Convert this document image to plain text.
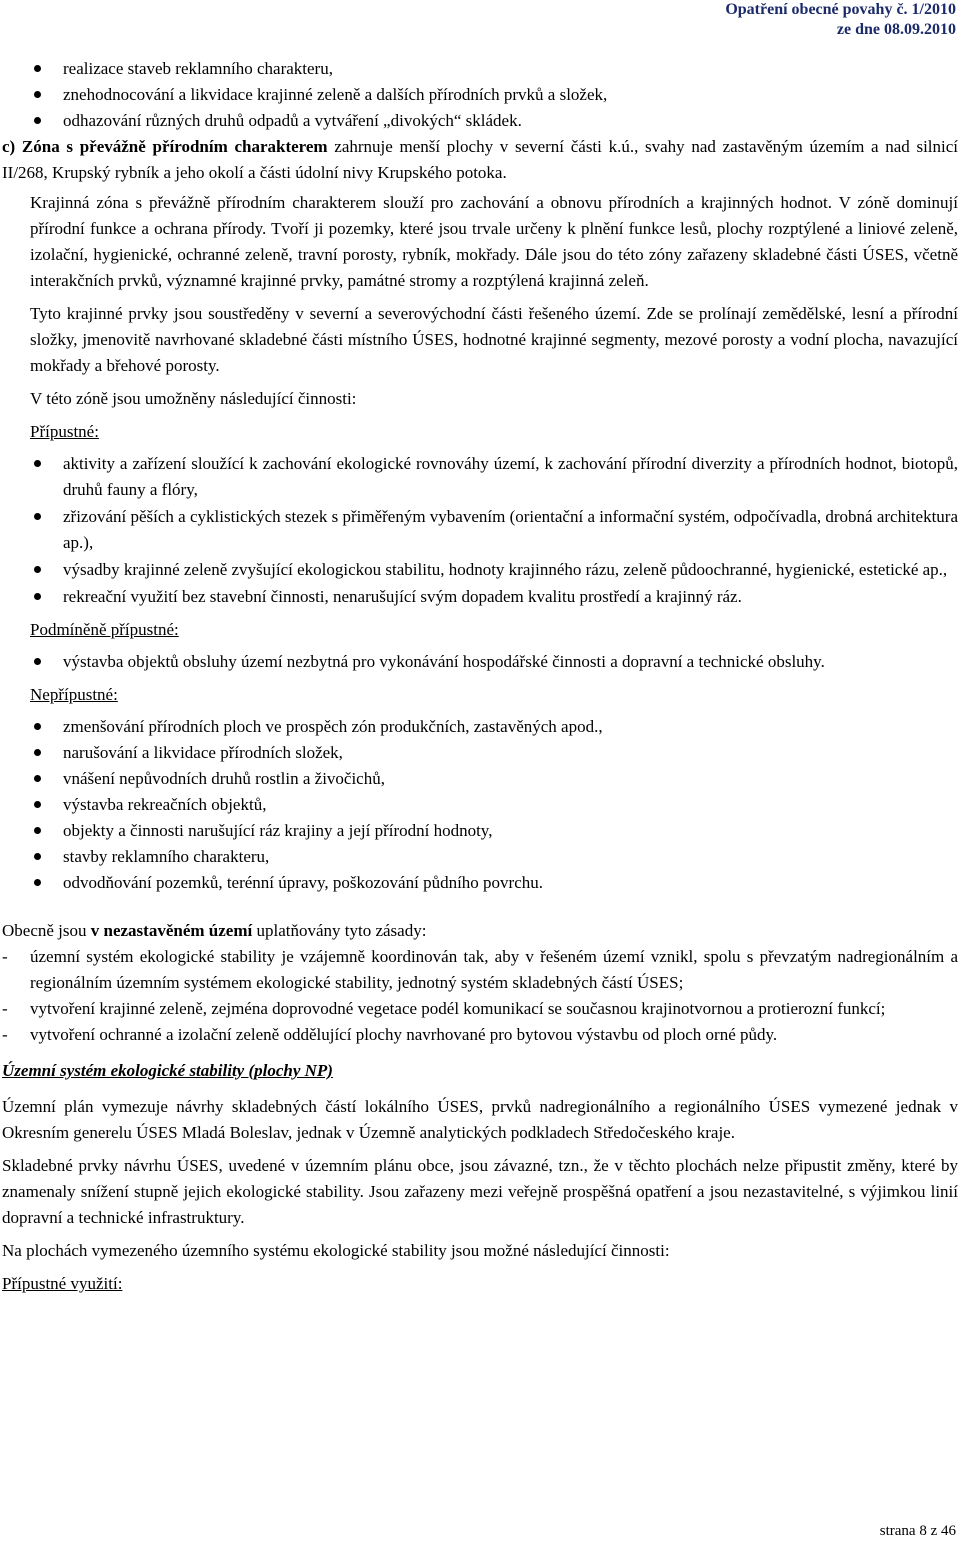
Opatření obecné povahy č. 1/2010
ze dne 08.09.2010
realizace staveb reklamního charakteru,
znehodnocování a likvidace krajinné zeleně a dalších přírodních prvků a složek,
odhazování různých druhů odpadů a vytváření „divokých“ skládek.

c) Zóna s převážně přírodním charakterem zahrnuje menší plochy v severní části k.ú., svahy nad zastavěným územím a nad silnicí II/268, Krupský rybník a jeho okolí a části údolní nivy Krupského potoka.

Krajinná zóna s převážně přírodním charakterem slouží pro zachování a obnovu přírodních a krajinných hodnot. V zóně dominují přírodní funkce a ochrana přírody. Tvoří ji pozemky, které jsou trvale určeny k plnění funkce lesů, plochy rozptýlené a liniové zeleně, izolační, hygienické, ochranné zeleně, travní porosty, rybník, mokřady. Dále jsou do této zóny zařazeny skladebné části ÚSES, včetně interakčních prvků, významné krajinné prvky, památné stromy a rozptýlená krajinná zeleň.

Tyto krajinné prvky jsou soustředěny v severní a severovýchodní části řešeného území. Zde se prolínají zemědělské, lesní a přírodní složky, jmenovitě navrhované skladebné části místního ÚSES, hodnotné krajinné segmenty, mezové porosty a vodní plocha, navazující mokřady a břehové porosty.

V této zóně jsou umožněny následující činnosti:

Přípustné:
aktivity a zařízení sloužící k zachování ekologické rovnováhy území, k zachování přírodní diverzity a přírodních hodnot, biotopů, druhů fauny a flóry,
zřizování pěších a cyklistických stezek s přiměřeným vybavením (orientační a informační systém, odpočívadla, drobná architektura ap.),
výsadby krajinné zeleně zvyšující ekologickou stabilitu, hodnoty krajinného rázu, zeleně půdoochranné, hygienické, estetické ap.,
rekreační využití bez stavební činnosti, nenarušující svým dopadem kvalitu prostředí a krajinný ráz.
Podmíněně přípustné:
výstavba objektů obsluhy území nezbytná pro vykonávání hospodářské činnosti a dopravní a technické obsluhy.
Nepřípustné:
zmenšování přírodních ploch ve prospěch zón produkčních, zastavěných apod.,
narušování a likvidace přírodních složek,
vnášení nepůvodních druhů rostlin a živočichů,
výstavba rekreačních objektů,
objekty a činnosti narušující ráz krajiny a její přírodní hodnoty,
stavby reklamního charakteru,
odvodňování pozemků, terénní úpravy, poškozování půdního povrchu.

Obecně jsou v nezastavěném území uplatňovány tyto zásady:

- územní systém ekologické stability je vzájemně koordinován tak, aby v řešeném území vznikl, spolu s převzatým nadregionálním a regionálním územním systémem ekologické stability, jednotný systém skladebných částí ÚSES;
- vytvoření krajinné zeleně, zejména doprovodné vegetace podél komunikací se současnou krajinotvornou a protierozní funkcí;
- vytvoření ochranné a izolační zeleně oddělující plochy navrhované pro bytovou výstavbu od ploch orné půdy.
Územní systém ekologické stability (plochy NP)

Územní plán vymezuje návrhy skladebných částí lokálního ÚSES, prvků nadregionálního a regionálního ÚSES vymezené jednak v Okresním generelu ÚSES Mladá Boleslav, jednak v Územně analytických podkladech Středočeského kraje.

Skladebné prvky návrhu ÚSES, uvedené v územním plánu obce, jsou závazné, tzn., že v těchto plochách nelze připustit změny, které by znamenaly snížení stupně jejich ekologické stability. Jsou zařazeny mezi veřejně prospěšná opatření a jsou nezastavitelné, s výjimkou linií dopravní a technické infrastruktury.

Na plochách vymezeného územního systému ekologické stability jsou možné následující činnosti:

Přípustné využití:
strana 8 z 46
